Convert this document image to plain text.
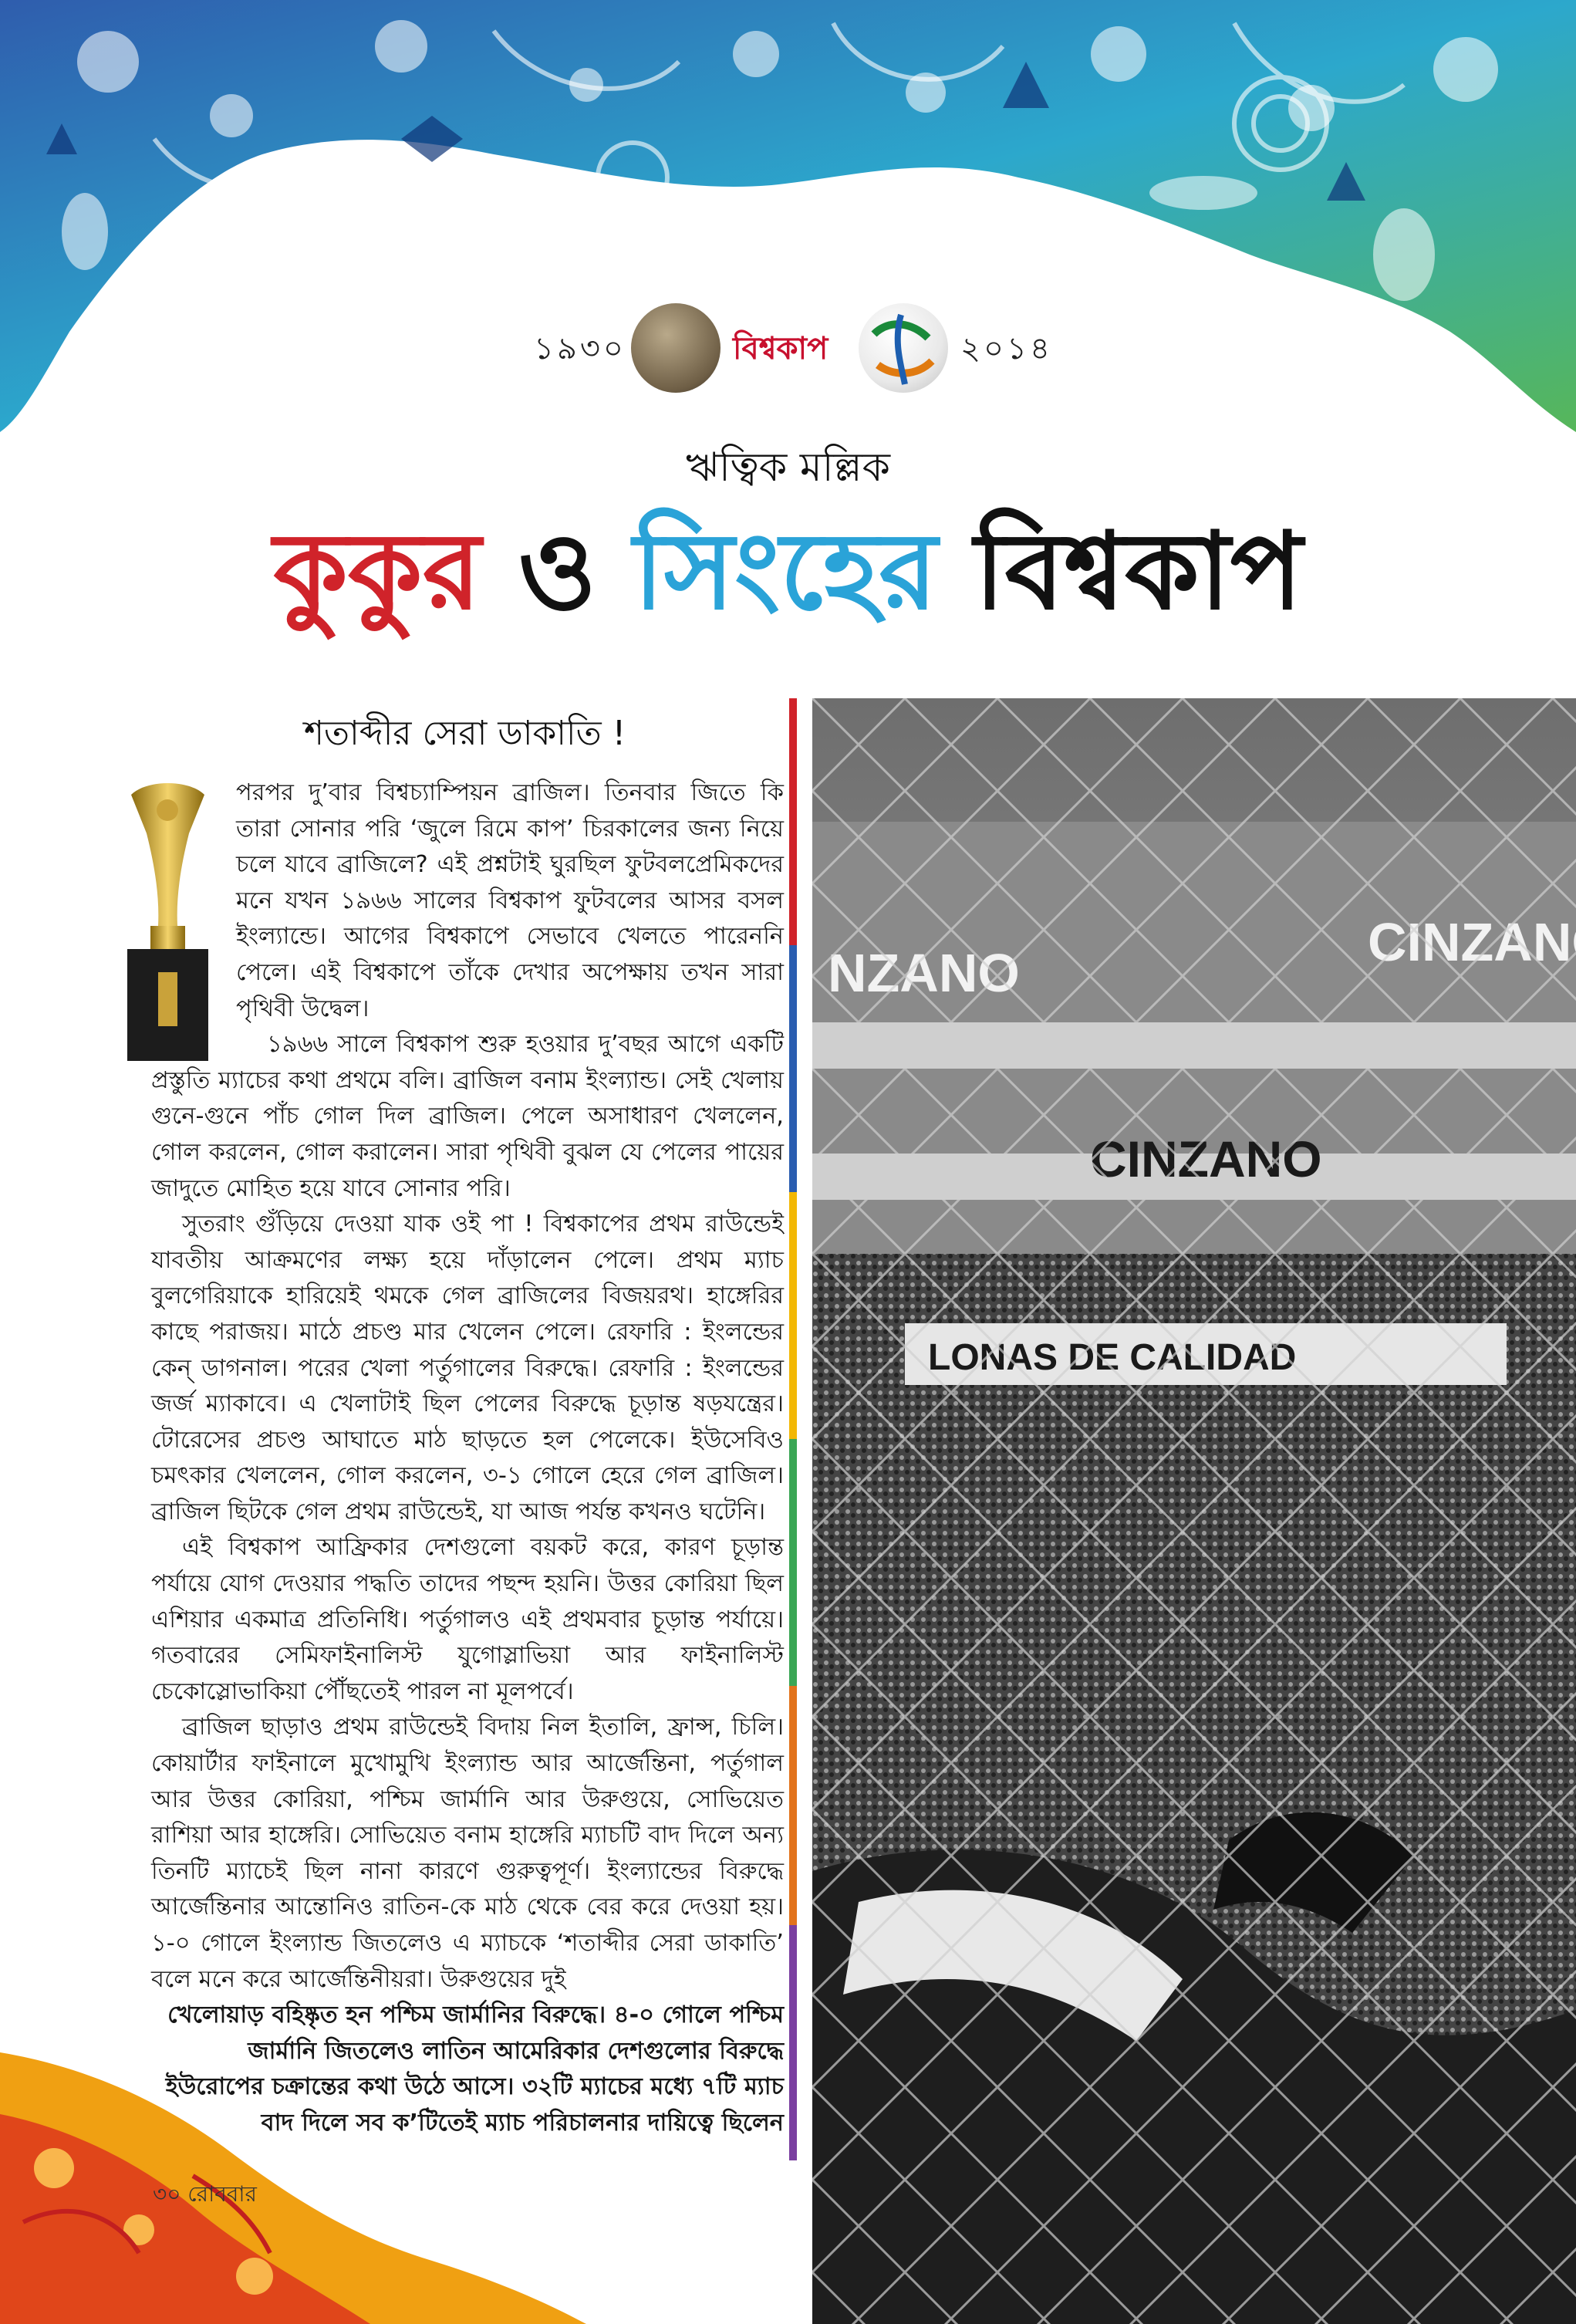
১৯৩০	বিশ্বকাপ	২০১৪
ঋত্বিক মল্লিক
কুকুর ও সিংহের বিশ্বকাপ
শতাব্দীর সেরা ডাকাতি !

পরপর দু’বার বিশ্বচ্যাম্পিয়ন ব্রাজিল। তিনবার জিতে কি তারা সোনার পরি ‘জুলে রিমে কাপ’ চিরকালের জন্য নিয়ে চলে যাবে ব্রাজিলে? এই প্রশ্নটাই ঘুরছিল ফুটবলপ্রেমিকদের মনে যখন ১৯৬৬ সালের বিশ্বকাপ ফুটবলের আসর বসল ইংল্যান্ডে। আগের বিশ্বকাপে সেভাবে খেলতে পারেননি পেলে। এই বিশ্বকাপে তাঁকে দেখার অপেক্ষায় তখন সারা পৃথিবী উদ্বেল।

১৯৬৬ সালে বিশ্বকাপ শুরু হওয়ার দু’বছর আগে একটি প্রস্তুতি ম্যাচের কথা প্রথমে বলি। ব্রাজিল বনাম ইংল্যান্ড। সেই খেলায় গুনে-গুনে পাঁচ গোল দিল ব্রাজিল। পেলে অসাধারণ খেললেন, গোল করলেন, গোল করালেন। সারা পৃথিবী বুঝল যে পেলের পায়ের জাদুতে মোহিত হয়ে যাবে সোনার পরি।

সুতরাং গুঁড়িয়ে দেওয়া যাক ওই পা ! বিশ্বকাপের প্রথম রাউন্ডেই যাবতীয় আক্রমণের লক্ষ্য হয়ে দাঁড়ালেন পেলে। প্রথম ম্যাচ বুলগেরিয়াকে হারিয়েই থমকে গেল ব্রাজিলের বিজয়রথ। হাঙ্গেরির কাছে পরাজয়। মাঠে প্রচণ্ড মার খেলেন পেলে। রেফারি : ইংলন্ডের কেন্ ডাগনাল। পরের খেলা পর্তুগালের বিরুদ্ধে। রেফারি : ইংলন্ডের জর্জ ম্যাকাবে। এ খেলাটাই ছিল পেলের বিরুদ্ধে চূড়ান্ত ষড়যন্ত্রের। টোরেসের প্রচণ্ড আঘাতে মাঠ ছাড়তে হল পেলেকে। ইউসেবিও চমৎকার খেললেন, গোল করলেন, ৩-১ গোলে হেরে গেল ব্রাজিল। ব্রাজিল ছিটকে গেল প্রথম রাউন্ডেই, যা আজ পর্যন্ত কখনও ঘটেনি।

এই বিশ্বকাপ আফ্রিকার দেশগুলো বয়কট করে, কারণ চূড়ান্ত পর্যায়ে যোগ দেওয়ার পদ্ধতি তাদের পছন্দ হয়নি। উত্তর কোরিয়া ছিল এশিয়ার একমাত্র প্রতিনিধি। পর্তুগালও এই প্রথমবার চূড়ান্ত পর্যায়ে। গতবারের সেমিফাইনালিস্ট যুগোস্লাভিয়া আর ফাইনালিস্ট চেকোস্লোভাকিয়া পৌঁছতেই পারল না মূলপর্বে।

ব্রাজিল ছাড়াও প্রথম রাউন্ডেই বিদায় নিল ইতালি, ফ্রান্স, চিলি। কোয়ার্টার ফাইনালে মুখোমুখি ইংল্যান্ড আর আর্জেন্তিনা, পর্তুগাল আর উত্তর কোরিয়া, পশ্চিম জার্মানি আর উরুগুয়ে, সোভিয়েত রাশিয়া আর হাঙ্গেরি। সোভিয়েত বনাম হাঙ্গেরি ম্যাচটি বাদ দিলে অন্য তিনটি ম্যাচেই ছিল নানা কারণে গুরুত্বপূর্ণ। ইংল্যান্ডের বিরুদ্ধে আর্জেন্তিনার আন্তোনিও রাতিন-কে মাঠ থেকে বের করে দেওয়া হয়। ১-০ গোলে ইংল্যান্ড জিতলেও এ ম্যাচকে ‘শতাব্দীর সেরা ডাকাতি’ বলে মনে করে আর্জেন্তিনীয়রা। উরুগুয়ের দুই

খেলোয়াড় বহিষ্কৃত হন পশ্চিম জার্মানির বিরুদ্ধে। ৪-০ গোলে পশ্চিম জার্মানি জিতলেও লাতিন আমেরিকার দেশগুলোর বিরুদ্ধে ইউরোপের চক্রান্তের কথা উঠে আসে। ৩২টি ম্যাচের মধ্যে ৭টি ম্যাচ বাদ দিলে সব ক’টিতেই ম্যাচ পরিচালনার দায়িত্বে ছিলেন

৩০ রোববার
